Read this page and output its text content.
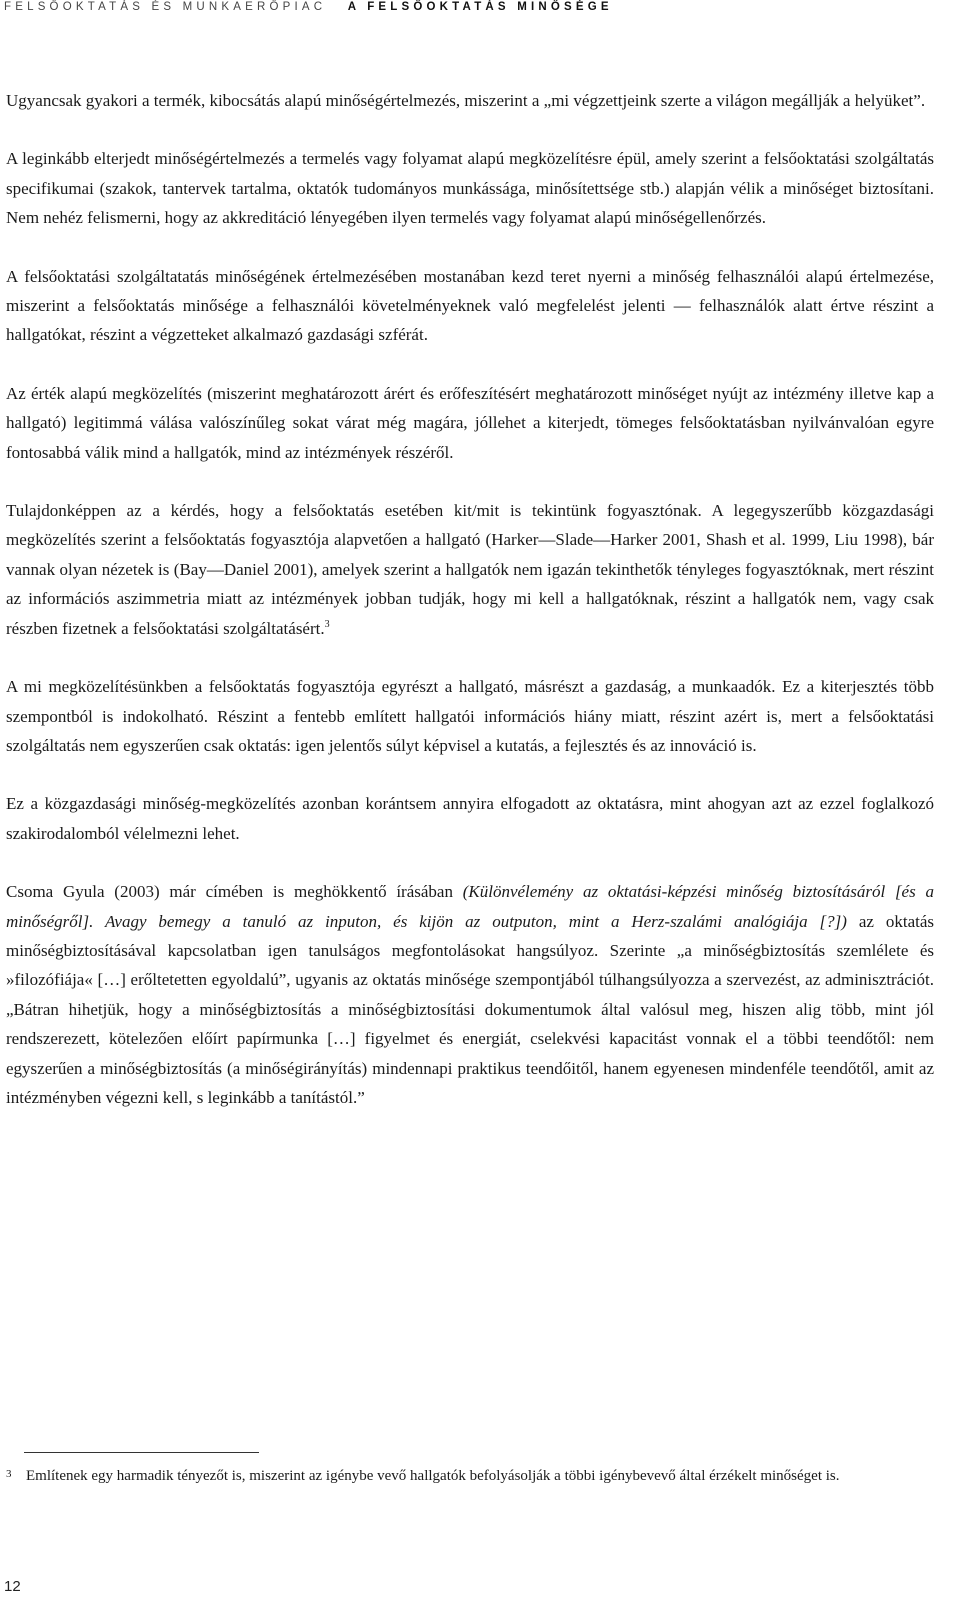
FELSŐOKTATÁS ÉS MUNKAERŐPIAC A FELSŐOKTATÁS MINŐSÉGE

Ugyancsak gyakori a termék, kibocsátás alapú minőségértelmezés, miszerint a „mi végzettjeink szerte a világon megállják a helyüket”.

A leginkább elterjedt minőségértelmezés a termelés vagy folyamat alapú megközelítésre épül, amely szerint a felsőoktatási szolgáltatás specifikumai (szakok, tantervek tartalma, oktatók tudományos munkássága, minősítettsége stb.) alapján vélik a minőséget biztosítani. Nem nehéz felismerni, hogy az akkreditáció lényegében ilyen termelés vagy folyamat alapú minőségellenőrzés.

A felsőoktatási szolgáltatatás minőségének értelmezésében mostanában kezd teret nyerni a minőség felhasználói alapú értelmezése, miszerint a felsőoktatás minősége a felhasználói követelményeknek való megfelelést jelenti — felhasználók alatt értve részint a hallgatókat, részint a végzetteket alkalmazó gazdasági szférát.

Az érték alapú megközelítés (miszerint meghatározott árért és erőfeszítésért meghatározott minőséget nyújt az intézmény illetve kap a hallgató) legitimmá válása valószínűleg sokat várat még magára, jóllehet a kiterjedt, tömeges felsőoktatásban nyilvánvalóan egyre fontosabbá válik mind a hallgatók, mind az intézmények részéről.

Tulajdonképpen az a kérdés, hogy a felsőoktatás esetében kit/mit is tekintünk fogyasztónak. A legegyszerűbb közgazdasági megközelítés szerint a felsőoktatás fogyasztója alapvetően a hallgató (Harker—Slade—Harker 2001, Shash et al. 1999, Liu 1998), bár vannak olyan nézetek is (Bay—Daniel 2001), amelyek szerint a hallgatók nem igazán tekinthetők tényleges fogyasztóknak, mert részint az információs aszimmetria miatt az intézmények jobban tudják, hogy mi kell a hallgatóknak, részint a hallgatók nem, vagy csak részben fizetnek a felsőoktatási szolgáltatásért.$^3$

A mi megközelítésünkben a felsőoktatás fogyasztója egyrészt a hallgató, másrészt a gazdaság, a munkaadók. Ez a kiterjesztés több szempontból is indokolható. Részint a fentebb említett hallgatói információs hiány miatt, részint azért is, mert a felsőoktatási szolgáltatás nem egyszerűen csak oktatás: igen jelentős súlyt képvisel a kutatás, a fejlesztés és az innováció is.

Ez a közgazdasági minőség-megközelítés azonban korántsem annyira elfogadott az oktatásra, mint ahogyan azt az ezzel foglalkozó szakirodalomból vélelmezni lehet.

Csoma Gyula (2003) már címében is meghökkentő írásában (Különvélemény az oktatási-képzési minőség biztosításáról [és a minőségről]. Avagy bemegy a tanuló az inputon, és kijön az outputon, mint a Herz-szalámi analógiája [?]) az oktatás minőségbiztosításával kapcsolatban igen tanulságos megfontolásokat hangsúlyoz. Szerinte „a minőségbiztosítás szemlélete és »filozófiája« […] erőltetetten egyoldalú”, ugyanis az oktatás minősége szempontjából túlhangsúlyozza a szervezést, az adminisztrációt. „Bátran hihetjük, hogy a minőségbiztosítás a minőségbiztosítási dokumentumok által valósul meg, hiszen alig több, mint jól rendszerezett, kötelezően előírt papírmunka […] figyelmet és energiát, cselekvési kapacitást vonnak el a többi teendőtől: nem egyszerűen a minőségbiztosítás (a minőségirányítás) mindennapi praktikus teendőitől, hanem egyenesen mindenféle teendőtől, amit az intézményben végezni kell, s leginkább a tanítástól.”

3 Említenek egy harmadik tényezőt is, miszerint az igénybe vevő hallgatók befolyásolják a többi igénybevevő által érzékelt minőséget is.
12
